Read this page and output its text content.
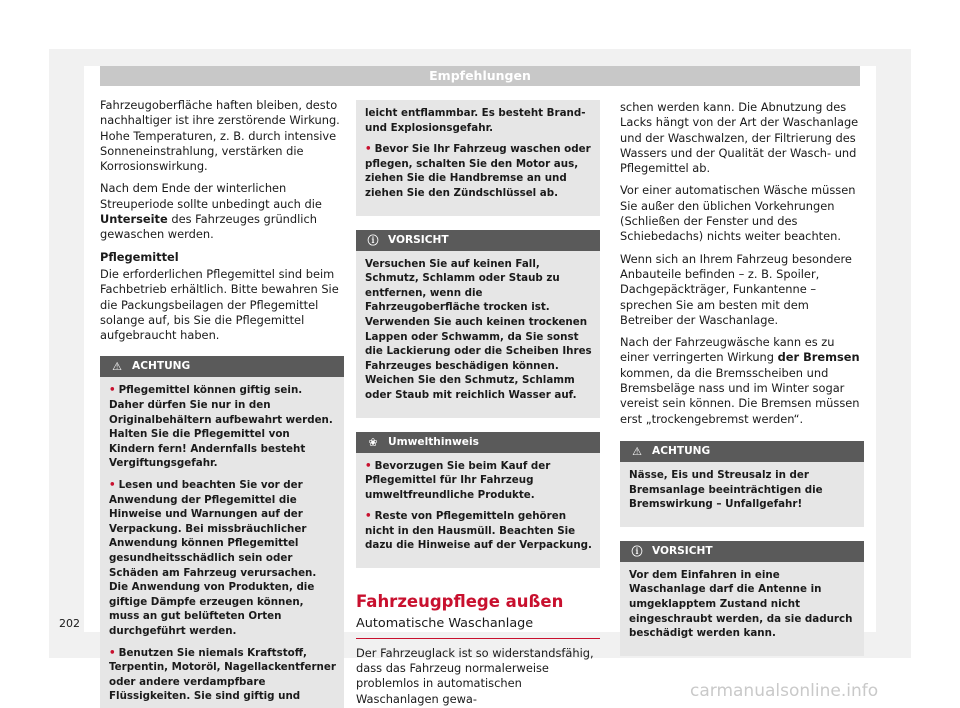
Empfehlungen

Fahrzeugoberfläche haften bleiben, desto nachhaltiger ist ihre zerstörende Wirkung. Hohe Temperaturen, z. B. durch intensive Sonneneinstrahlung, verstärken die Korrosionswirkung.

Nach dem Ende der winterlichen Streuperiode sollte unbedingt auch die Unterseite des Fahrzeuges gründlich gewaschen werden.

Pflegemittel

Die erforderlichen Pflegemittel sind beim Fachbetrieb erhältlich. Bitte bewahren Sie die Packungsbeilagen der Pflegemittel solange auf, bis Sie die Pflegemittel aufgebraucht haben.

⚠ ACHTUNG

• Pflegemittel können giftig sein. Daher dürfen Sie nur in den Originalbehältern aufbewahrt werden. Halten Sie die Pflegemittel von Kindern fern! Andernfalls besteht Vergiftungsgefahr.

• Lesen und beachten Sie vor der Anwendung der Pflegemittel die Hinweise und Warnungen auf der Verpackung. Bei missbräuchlicher Anwendung können Pflegemittel gesundheitsschädlich sein oder Schäden am Fahrzeug verursachen. Die Anwendung von Produkten, die giftige Dämpfe erzeugen können, muss an gut belüfteten Orten durchgeführt werden.

• Benutzen Sie niemals Kraftstoff, Terpentin, Motoröl, Nagellackentferner oder andere verdampfbare Flüssigkeiten. Sie sind giftig und

leicht entflammbar. Es besteht Brand- und Explosionsgefahr.

• Bevor Sie Ihr Fahrzeug waschen oder pflegen, schalten Sie den Motor aus, ziehen Sie die Handbremse an und ziehen Sie den Zündschlüssel ab.

ⓘ VORSICHT

Versuchen Sie auf keinen Fall, Schmutz, Schlamm oder Staub zu entfernen, wenn die Fahrzeugoberfläche trocken ist. Verwenden Sie auch keinen trockenen Lappen oder Schwamm, da Sie sonst die Lackierung oder die Scheiben Ihres Fahrzeuges beschädigen können. Weichen Sie den Schmutz, Schlamm oder Staub mit reichlich Wasser auf.

❀ Umwelthinweis

• Bevorzugen Sie beim Kauf der Pflegemittel für Ihr Fahrzeug umweltfreundliche Produkte.

• Reste von Pflegemitteln gehören nicht in den Hausmüll. Beachten Sie dazu die Hinweise auf der Verpackung.

Fahrzeugpflege außen

Automatische Waschanlage

Der Fahrzeuglack ist so widerstandsfähig, dass das Fahrzeug normalerweise problemlos in automatischen Waschanlagen gewa-

schen werden kann. Die Abnutzung des Lacks hängt von der Art der Waschanlage und der Waschwalzen, der Filtrierung des Wassers und der Qualität der Wasch- und Pflegemittel ab.

Vor einer automatischen Wäsche müssen Sie außer den üblichen Vorkehrungen (Schließen der Fenster und des Schiebedachs) nichts weiter beachten.

Wenn sich an Ihrem Fahrzeug besondere Anbauteile befinden – z. B. Spoiler, Dachgepäckträger, Funkantenne – sprechen Sie am besten mit dem Betreiber der Waschanlage.

Nach der Fahrzeugwäsche kann es zu einer verringerten Wirkung der Bremsen kommen, da die Bremsscheiben und Bremsbeläge nass und im Winter sogar vereist sein können. Die Bremsen müssen erst „trockengebremst werden“.

⚠ ACHTUNG

Nässe, Eis und Streusalz in der Bremsanlage beeinträchtigen die Bremswirkung – Unfallgefahr!

ⓘ VORSICHT

Vor dem Einfahren in eine Waschanlage darf die Antenne in umgeklapptem Zustand nicht eingeschraubt werden, da sie dadurch beschädigt werden kann.

202
carmanualsonline.info
